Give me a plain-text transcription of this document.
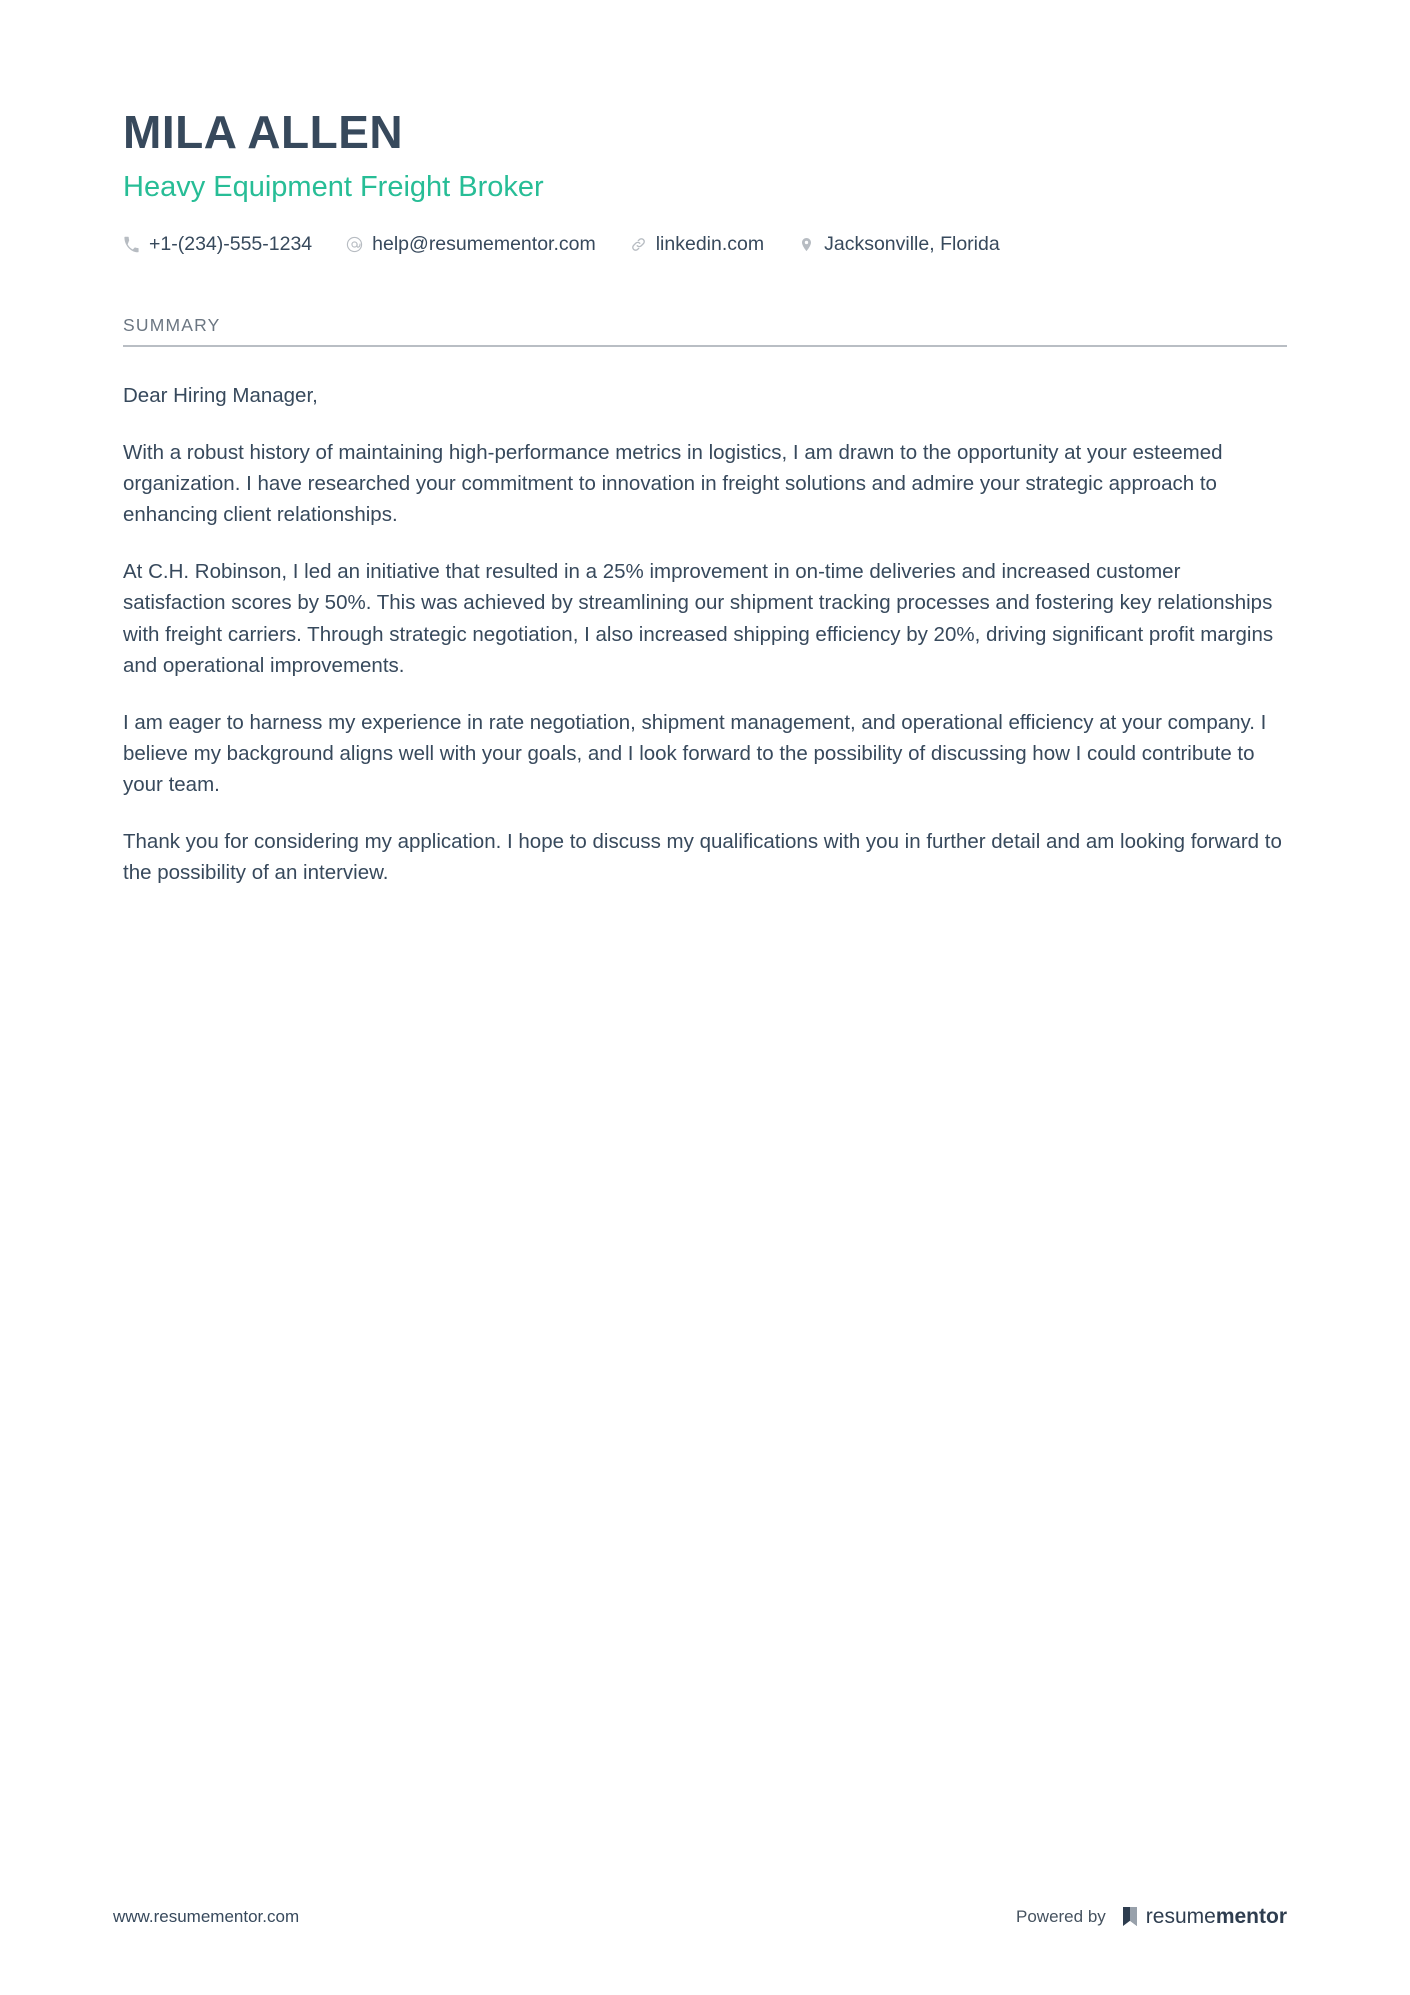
MILA ALLEN
Heavy Equipment Freight Broker
+1-(234)-555-1234	help@resumementor.com	linkedin.com	Jacksonville, Florida
SUMMARY

Dear Hiring Manager,

With a robust history of maintaining high-performance metrics in logistics, I am drawn to the opportunity at your esteemed organization. I have researched your commitment to innovation in freight solutions and admire your strategic approach to enhancing client relationships.

At C.H. Robinson, I led an initiative that resulted in a 25% improvement in on-time deliveries and increased customer satisfaction scores by 50%. This was achieved by streamlining our shipment tracking processes and fostering key relationships with freight carriers. Through strategic negotiation, I also increased shipping efficiency by 20%, driving significant profit margins and operational improvements.

I am eager to harness my experience in rate negotiation, shipment management, and operational efficiency at your company. I believe my background aligns well with your goals, and I look forward to the possibility of discussing how I could contribute to your team.

Thank you for considering my application. I hope to discuss my qualifications with you in further detail and am looking forward to the possibility of an interview.

www.resumementor.com	Powered by resume mentor
